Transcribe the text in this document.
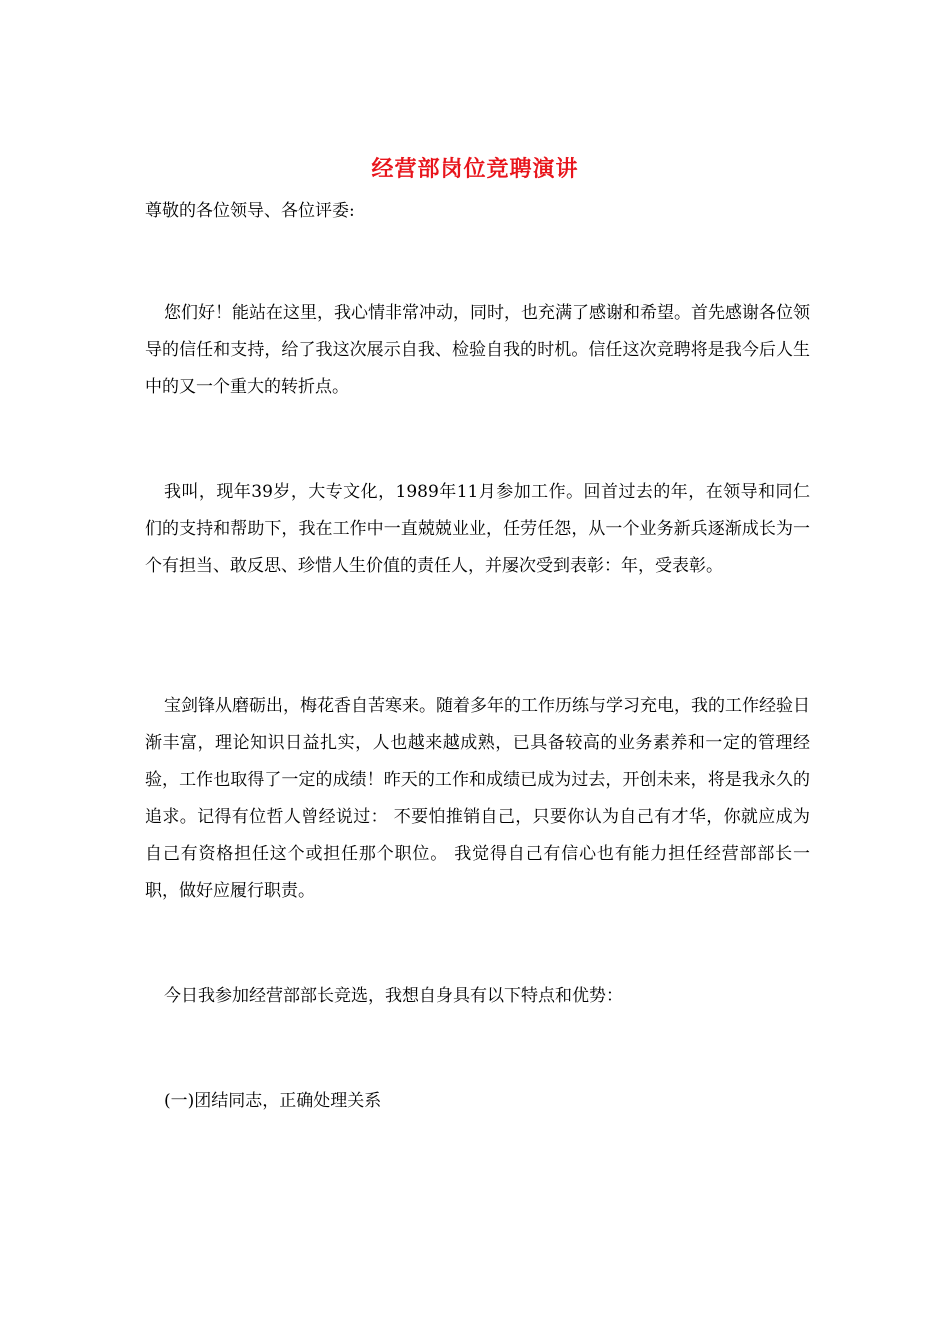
经营部岗位竞聘演讲
尊敬的各位领导、各位评委:
您们好！能站在这里，我心情非常冲动，同时，也充满了感谢和希望。首先感谢各位领导的信任和支持，给了我这次展示自我、检验自我的时机。信任这次竞聘将是我今后人生中的又一个重大的转折点。
我叫，现年39岁，大专文化，1989年11月参加工作。回首过去的年，在领导和同仁们的支持和帮助下，我在工作中一直兢兢业业，任劳任怨，从一个业务新兵逐渐成长为一个有担当、敢反思、珍惜人生价值的责任人，并屡次受到表彰：年，受表彰。
宝剑锋从磨砺出，梅花香自苦寒来。随着多年的工作历练与学习充电，我的工作经验日渐丰富，理论知识日益扎实，人也越来越成熟，已具备较高的业务素养和一定的管理经验，工作也取得了一定的成绩！昨天的工作和成绩已成为过去，开创未来，将是我永久的追求。记得有位哲人曾经说过： 不要怕推销自己，只要你认为自己有才华，你就应成为自己有资格担任这个或担任那个职位。 我觉得自己有信心也有能力担任经营部部长一职，做好应履行职责。
今日我参加经营部部长竞选，我想自身具有以下特点和优势：
(一)团结同志，正确处理关系
